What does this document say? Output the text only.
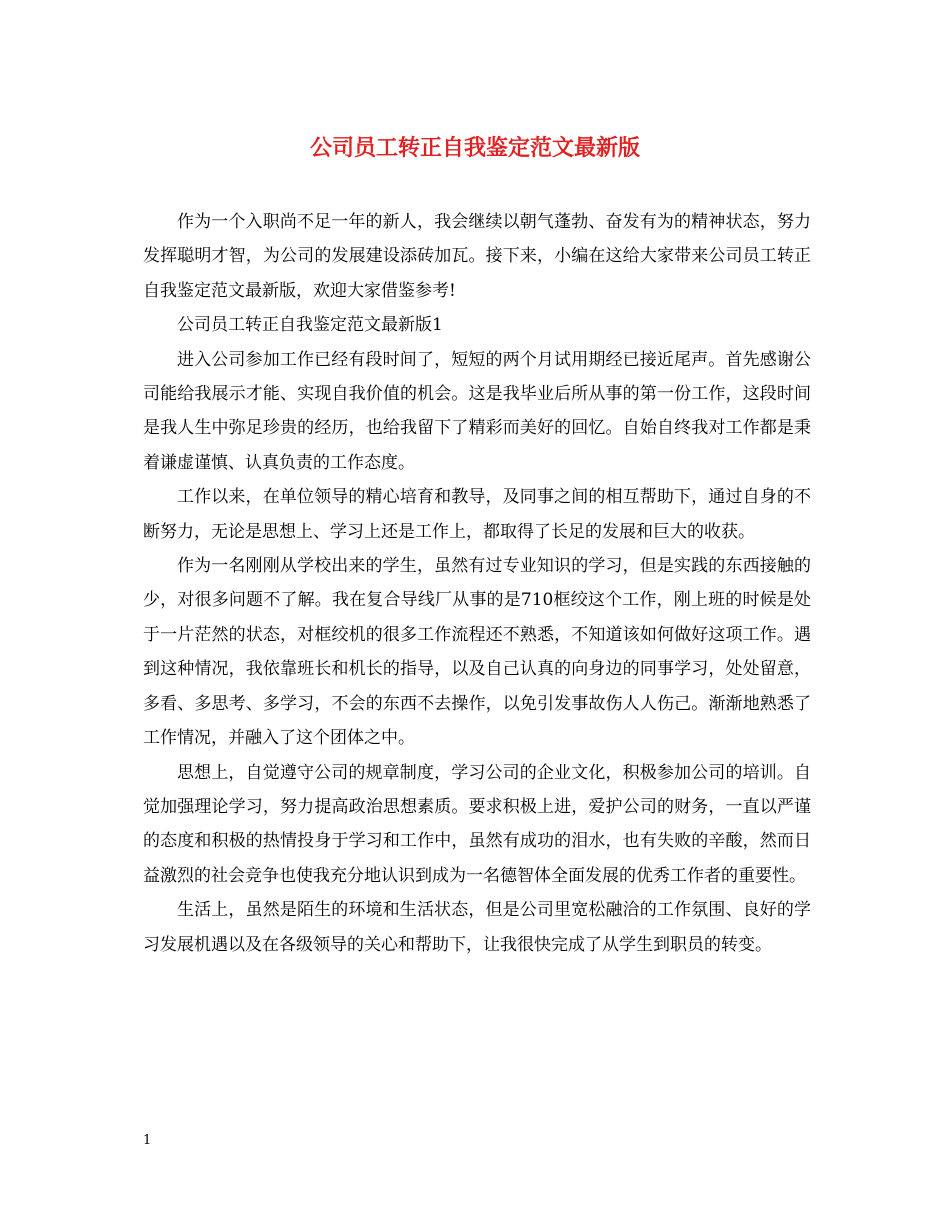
公司员工转正自我鉴定范文最新版

作为一个入职尚不足一年的新人，我会继续以朝气蓬勃、奋发有为的精神状态，努力发挥聪明才智，为公司的发展建设添砖加瓦。接下来，小编在这给大家带来公司员工转正自我鉴定范文最新版，欢迎大家借鉴参考!

公司员工转正自我鉴定范文最新版1

进入公司参加工作已经有段时间了，短短的两个月试用期经已接近尾声。首先感谢公司能给我展示才能、实现自我价值的机会。这是我毕业后所从事的第一份工作，这段时间是我人生中弥足珍贵的经历，也给我留下了精彩而美好的回忆。自始自终我对工作都是秉着谦虚谨慎、认真负责的工作态度。

工作以来，在单位领导的精心培育和教导，及同事之间的相互帮助下，通过自身的不断努力，无论是思想上、学习上还是工作上，都取得了长足的发展和巨大的收获。

作为一名刚刚从学校出来的学生，虽然有过专业知识的学习，但是实践的东西接触的少，对很多问题不了解。我在复合导线厂从事的是710框绞这个工作，刚上班的时候是处于一片茫然的状态，对框绞机的很多工作流程还不熟悉，不知道该如何做好这项工作。遇到这种情况，我依靠班长和机长的指导，以及自己认真的向身边的同事学习，处处留意，多看、多思考、多学习，不会的东西不去操作，以免引发事故伤人人伤己。渐渐地熟悉了工作情况，并融入了这个团体之中。

思想上，自觉遵守公司的规章制度，学习公司的企业文化，积极参加公司的培训。自觉加强理论学习，努力提高政治思想素质。要求积极上进，爱护公司的财务，一直以严谨的态度和积极的热情投身于学习和工作中，虽然有成功的泪水，也有失败的辛酸，然而日益激烈的社会竞争也使我充分地认识到成为一名德智体全面发展的优秀工作者的重要性。

生活上，虽然是陌生的环境和生活状态，但是公司里宽松融洽的工作氛围、良好的学习发展机遇以及在各级领导的关心和帮助下，让我很快完成了从学生到职员的转变。

1
